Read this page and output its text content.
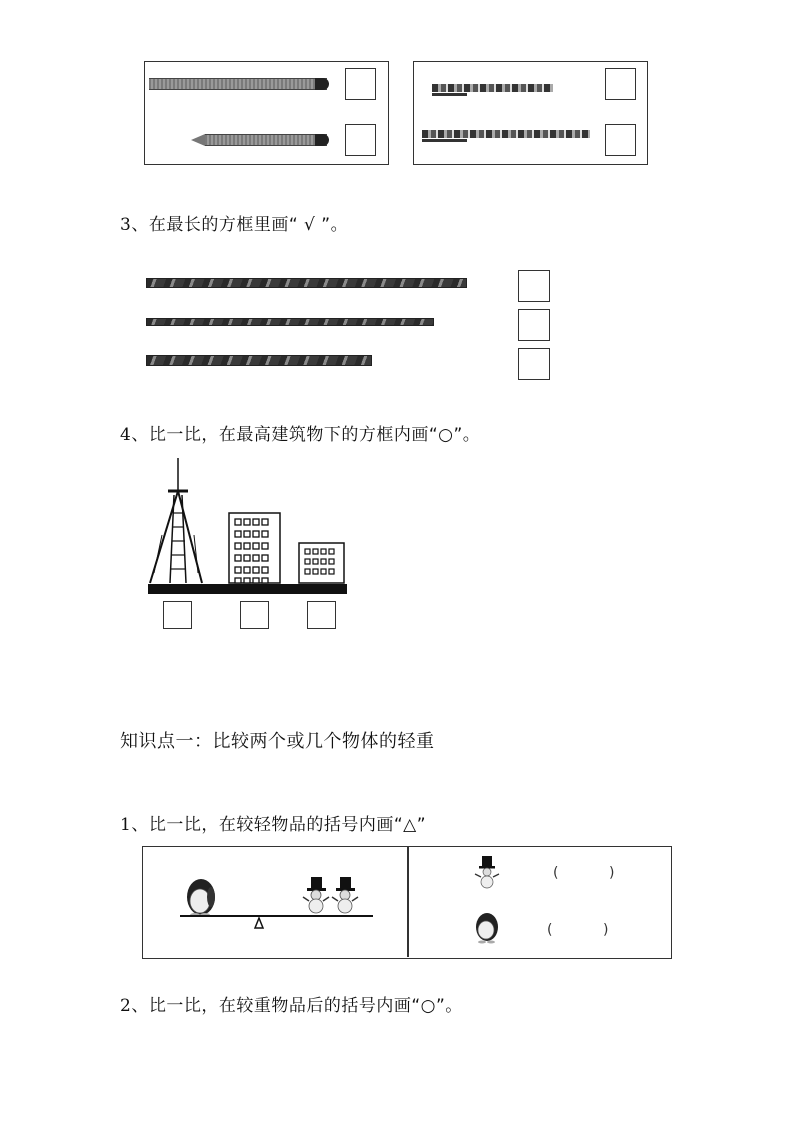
3、在最长的方框里画“ √ ”。
4、比一比，在最高建筑物下的方框内画“○”。
知识点一：比较两个或几个物体的轻重
1、比一比，在较轻物品的括号内画“△”
(	)
(	)
2、比一比，在较重物品后的括号内画“○”。
